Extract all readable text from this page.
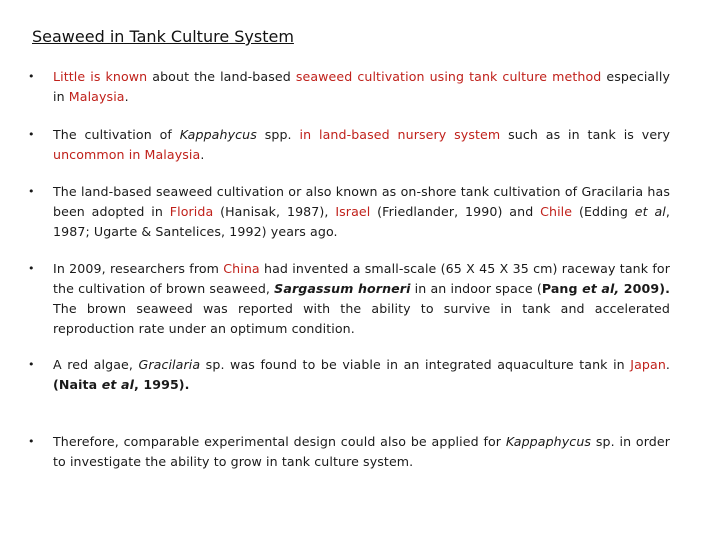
Seaweed in Tank Culture System
• Little is known about the land-based seaweed cultivation using tank culture method especially in Malaysia.
• The cultivation of Kappahycus spp. in land-based nursery system such as in tank is very uncommon in Malaysia.
• The land-based seaweed cultivation or also known as on-shore tank cultivation of Gracilaria has been adopted in Florida (Hanisak, 1987), Israel (Friedlander, 1990) and Chile (Edding et al, 1987; Ugarte & Santelices, 1992) years ago.
• In 2009, researchers from China had invented a small-scale (65 X 45 X 35 cm) raceway tank for the cultivation of brown seaweed, Sargassum horneri in an indoor space (Pang et al, 2009). The brown seaweed was reported with the ability to survive in tank and accelerated reproduction rate under an optimum condition.
• A red algae, Gracilaria sp. was found to be viable in an integrated aquaculture tank in Japan. (Naita et al, 1995).
• Therefore, comparable experimental design could also be applied for Kappaphycus sp. in order to investigate the ability to grow in tank culture system.
